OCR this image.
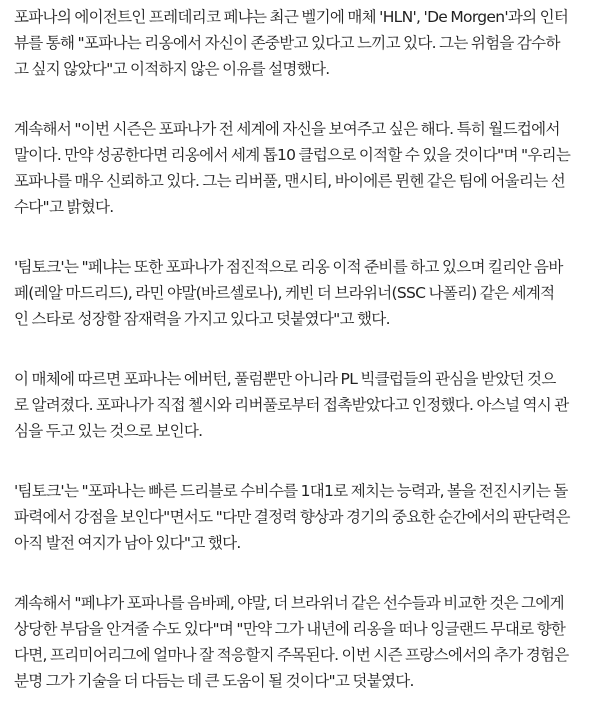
포파나의 에이전트인 프레데리코 페냐는 최근 벨기에 매체 'HLN', 'De Morgen'과의 인터
뷰를 통해 "포파나는 리옹에서 자신이 존중받고 있다고 느끼고 있다. 그는 위험을 감수하
고 싶지 않았다"고 이적하지 않은 이유를 설명했다.
계속해서 "이번 시즌은 포파나가 전 세계에 자신을 보여주고 싶은 해다. 특히 월드컵에서
말이다. 만약 성공한다면 리옹에서 세계 톱10 클럽으로 이적할 수 있을 것이다"며 "우리는
포파나를 매우 신뢰하고 있다. 그는 리버풀, 맨시티, 바이에른 뮌헨 같은 팀에 어울리는 선
수다"고 밝혔다.
'팀토크'는 "페냐는 또한 포파나가 점진적으로 리옹 이적 준비를 하고 있으며 킬리안 음바
페(레알 마드리드), 라민 야말(바르셀로나), 케빈 더 브라위너(SSC 나폴리) 같은 세계적
인 스타로 성장할 잠재력을 가지고 있다고 덧붙였다"고 했다.
이 매체에 따르면 포파나는 에버턴, 풀럼뿐만 아니라 PL 빅클럽들의 관심을 받았던 것으
로 알려졌다. 포파나가 직접 첼시와 리버풀로부터 접촉받았다고 인정했다. 아스널 역시 관
심을 두고 있는 것으로 보인다.
'팀토크'는 "포파나는 빠른 드리블로 수비수를 1대1로 제치는 능력과, 볼을 전진시키는 돌
파력에서 강점을 보인다"면서도 "다만 결정력 향상과 경기의 중요한 순간에서의 판단력은
아직 발전 여지가 남아 있다"고 했다.
계속해서 "페냐가 포파나를 음바페, 야말, 더 브라위너 같은 선수들과 비교한 것은 그에게
상당한 부담을 안겨줄 수도 있다"며 "만약 그가 내년에 리옹을 떠나 잉글랜드 무대로 향한
다면, 프리미어리그에 얼마나 잘 적응할지 주목된다. 이번 시즌 프랑스에서의 추가 경험은
분명 그가 기술을 더 다듬는 데 큰 도움이 될 것이다"고 덧붙였다.
